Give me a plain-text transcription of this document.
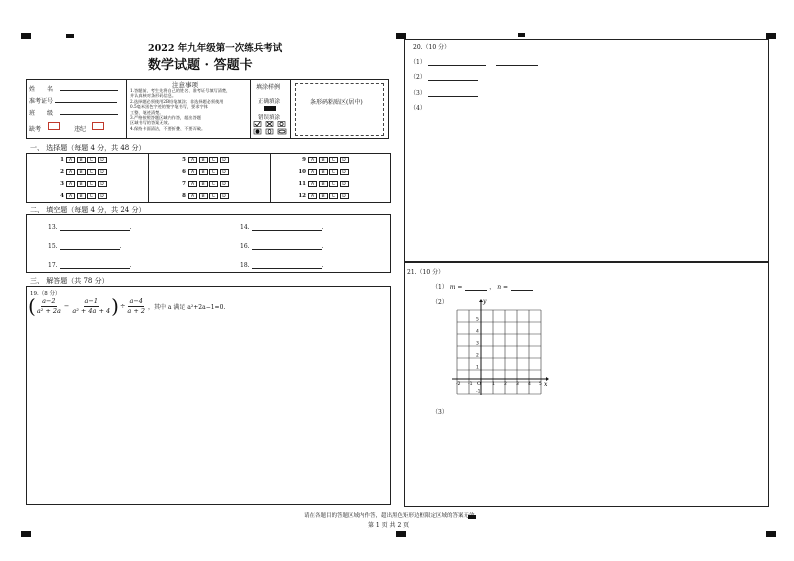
2022 年九年级第一次练兵考试
数学试题 · 答题卡
姓　　名
准考证号
班　　级
缺考	违纪
注意事项
1.答题前，考生先将自己的姓名、准考证号填写清楚，
并认真核对条形码信息。
2.选择题必须使用2B铅笔填涂；非选择题必须使用
0.5毫米黑色字迹的签字笔书写，要求字体
工整、笔迹清楚。
3.严格按照答题区域内作答，超出答题
区域书写的答案无效。
4.保持卡面清洁，不要折叠、不要弄破。
填涂样例
正确填涂
错误填涂
条形码粘贴区(居中)
一、 选择题（每题 4 分，共 48 分）
1	A	B	C	D
2	A	B	C	D
3	A	B	C	D
4	A	B	C	D
5	A	B	C	D
6	A	B	C	D
7	A	B	C	D
8	A	B	C	D
9	A	B	C	D
10	A	B	C	D
11	A	B	C	D
12	A	B	C	D
二、 填空题（每题 4 分，共 24 分）
13.	.	14.	.
15.	.	16.	.
17.	.	18.	.
三、 解答题（共 78 分）
19.（8 分）
( $\frac{a-2}{\text{a² + 2a}} - \frac{a-1}{\text{a² + 4a + 4}}$ ) ÷ $\frac{a-4}{a + 2}$ ，其中 a 满足 a²+2a−1=0.
20.（10 分）
（1）
（2）
（3）
（4）
21.（10 分）
（1） m =	， n =
（2）
（3）
y
x
O
5
4
3
2
1
-1
-2 -1	1 2 3 4 5
请在各题目的答题区域内作答，超出黑色矩形边框限定区域的答案无效
第 1 页 共 2 页
